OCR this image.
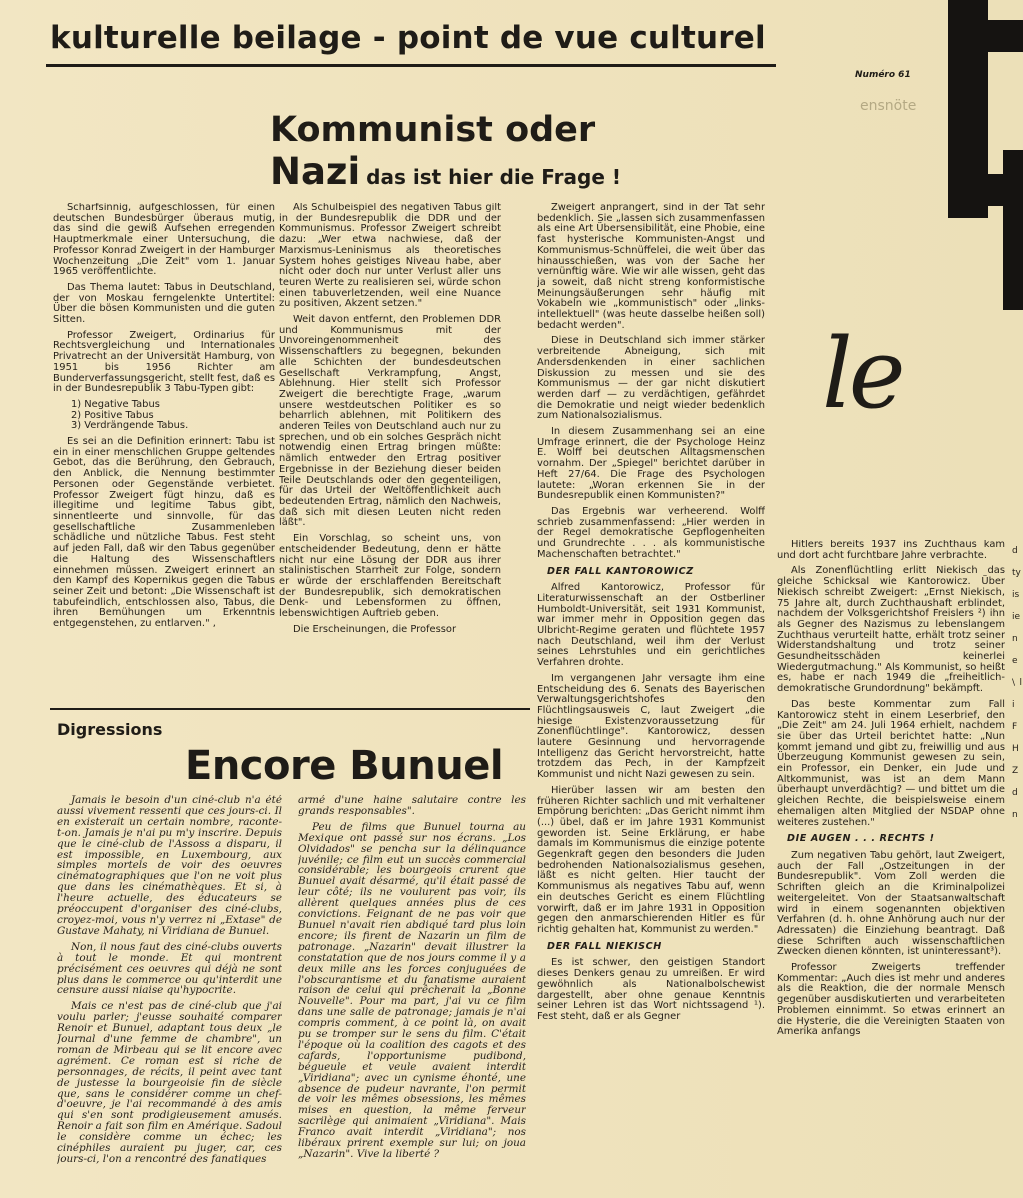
kulturelle beilage - point de vue culturel
Numéro 61
ensnöte
le
Kommunist oder
Nazi das ist hier die Frage !

Scharfsinnig, aufgeschlossen, für einen deutschen Bundesbürger überaus mutig, das sind die gewiß Aufsehen erregenden Hauptmerkmale einer Untersuchung, die Professor Konrad Zweigert in der Hamburger Wochenzeitung „Die Zeit" vom 1. Januar 1965 veröffentlichte.

Das Thema lautet: Tabus in Deutschland, der von Moskau ferngelenkte Untertitel: Über die bösen Kommunisten und die guten Sitten.

Professor Zweigert, Ordinarius für Rechtsvergleichung und Internationales Privatrecht an der Universität Hamburg, von 1951 bis 1956 Richter am Bunderverfassungsgericht, stellt fest, daß es in der Bundesrepublik 3 Tabu-Typen gibt:

1) Negative Tabus
2) Positive Tabus
3) Verdrängende Tabus.

Es sei an die Definition erinnert: Tabu ist ein in einer menschlichen Gruppe geltendes Gebot, das die Berührung, den Gebrauch, den Anblick, die Nennung bestimmter Personen oder Gegenstände verbietet. Professor Zweigert fügt hinzu, daß es illegitime und legitime Tabus gibt, sinnentleerte und sinnvolle, für das gesellschaftliche Zusammenleben schädliche und nützliche Tabus. Fest steht auf jeden Fall, daß wir den Tabus gegenüber die Haltung des Wissenschaftlers einnehmen müssen. Zweigert erinnert an den Kampf des Kopernikus gegen die Tabus seiner Zeit und betont: „Die Wissenschaft ist tabufeindlich, entschlossen also, Tabus, die ihren Bemühungen um Erkenntnis entgegenstehen, zu entlarven." ,

Als Schulbeispiel des negativen Tabus gilt in der Bundesrepublik die DDR und der Kommunismus. Professor Zweigert schreibt dazu: „Wer etwa nachwiese, daß der Marxismus-Leninismus als theoretisches System hohes geistiges Niveau habe, aber nicht oder doch nur unter Verlust aller uns teuren Werte zu realisieren sei, würde schon einen tabuverletzenden, weil eine Nuance zu positiven, Akzent setzen."

Weit davon entfernt, den Problemen DDR und Kommunismus mit der Unvoreingenommenheit des Wissenschaftlers zu begegnen, bekunden alle Schichten der bundesdeutschen Gesellschaft Verkrampfung, Angst, Ablehnung. Hier stellt sich Professor Zweigert die berechtigte Frage, „warum unsere westdeutschen Politiker es so beharrlich ablehnen, mit Politikern des anderen Teiles von Deutschland auch nur zu sprechen, und ob ein solches Gespräch nicht notwendig einen Ertrag bringen müßte: nämlich entweder den Ertrag positiver Ergebnisse in der Beziehung dieser beiden Teile Deutschlands oder den gegenteiligen, für das Urteil der Weltöffentlichkeit auch bedeutenden Ertrag, nämlich den Nachweis, daß sich mit diesen Leuten nicht reden läßt".

Ein Vorschlag, so scheint uns, von entscheidender Bedeutung, denn er hätte nicht nur eine Lösung der DDR aus ihrer stalinistischen Starrheit zur Folge, sondern er würde der erschlaffenden Bereitschaft der Bundesrepublik, sich demokratischen Denk- und Lebensformen zu öffnen, lebenswichtigen Auftrieb geben.

Die Erscheinungen, die Professor

Zweigert anprangert, sind in der Tat sehr bedenklich. Sie „lassen sich zusammenfassen als eine Art Übersensibilität, eine Phobie, eine fast hysterische Kommunisten-Angst und Kommunismus-Schnüffelei, die weit über das hinausschießen, was von der Sache her vernünftig wäre. Wie wir alle wissen, geht das ja soweit, daß nicht streng konformistische Meinungsäußerungen sehr häufig mit Vokabeln wie „kommunistisch" oder „links-intellektuell" (was heute dasselbe heißen soll) bedacht werden".

Diese in Deutschland sich immer stärker verbreitende Abneigung, sich mit Andersdenkenden in einer sachlichen Diskussion zu messen und sie des Kommunismus — der gar nicht diskutiert werden darf — zu verdächtigen, gefährdet die Demokratie und neigt wieder bedenklich zum Nationalsozialismus.

In diesem Zusammenhang sei an eine Umfrage erinnert, die der Psychologe Heinz E. Wolff bei deutschen Alltagsmenschen vornahm. Der „Spiegel" berichtet darüber in Heft 27/64. Die Frage des Psychologen lautete: „Woran erkennen Sie in der Bundesrepublik einen Kommunisten?"

Das Ergebnis war verheerend. Wolff schrieb zusammenfassend: „Hier werden in der Regel demokratische Gepflogenheiten und Grundrechte . . . als kommunistische Machenschaften betrachtet."

DER FALL KANTOROWICZ

Alfred Kantorowicz, Professor für Literaturwissenschaft an der Ostberliner Humboldt-Universität, seit 1931 Kommunist, war immer mehr in Opposition gegen das Ulbricht-Regime geraten und flüchtete 1957 nach Deutschland, weil ihm der Verlust seines Lehrstuhles und ein gerichtliches Verfahren drohte.

Im vergangenen Jahr versagte ihm eine Entscheidung des 6. Senats des Bayerischen Verwaltungsgerichtshofes den Flüchtlingsausweis C, laut Zweigert „die hiesige Existenzvoraussetzung für Zonenflüchtlinge". Kantorowicz, dessen lautere Gesinnung und hervorragende Intelligenz das Gericht hervorstreicht, hatte trotzdem das Pech, in der Kampfzeit Kommunist und nicht Nazi gewesen zu sein.

Hierüber lassen wir am besten den früheren Richter sachlich und mit verhaltener Empörung berichten: „Das Gericht nimmt ihm (...) übel, daß er im Jahre 1931 Kommunist geworden ist. Seine Erklärung, er habe damals im Kommunismus die einzige potente Gegenkraft gegen den besonders die Juden bedrohenden Nationalsozialismus gesehen, läßt es nicht gelten. Hier taucht der Kommunismus als negatives Tabu auf, wenn ein deutsches Gericht es einem Flüchtling vorwirft, daß er im Jahre 1931 in Opposition gegen den anmarschierenden Hitler es für richtig gehalten hat, Kommunist zu werden."

DER FALL NIEKISCH

Es ist schwer, den geistigen Standort dieses Denkers genau zu umreißen. Er wird gewöhnlich als Nationalbolschewist dargestellt, aber ohne genaue Kenntnis seiner Lehren ist das Wort nichtssagend ¹). Fest steht, daß er als Gegner

Hitlers bereits 1937 ins Zuchthaus kam und dort acht furchtbare Jahre verbrachte.

Als Zonenflüchtling erlitt Niekisch das gleiche Schicksal wie Kantorowicz. Über Niekisch schreibt Zweigert: „Ernst Niekisch, 75 Jahre alt, durch Zuchthaushaft erblindet, nachdem der Volksgerichtshof Freislers ²) ihn als Gegner des Nazismus zu lebenslangem Zuchthaus verurteilt hatte, erhält trotz seiner Widerstandshaltung und trotz seiner Gesundheitsschäden keinerlei Wiedergutmachung." Als Kommunist, so heißt es, habe er nach 1949 die „freiheitlich-demokratische Grundordnung" bekämpft.

Das beste Kommentar zum Fall Kantorowicz steht in einem Leserbrief, den „Die Zeit" am 24. Juli 1964 erhielt, nachdem sie über das Urteil berichtet hatte: „Nun kommt jemand und gibt zu, freiwillig und aus Überzeugung Kommunist gewesen zu sein, ein Professor, ein Denker, ein Jude und Altkommunist, was ist an dem Mann überhaupt unverdächtig? — und bittet um die gleichen Rechte, die beispielsweise einem ehemaligen alten Mitglied der NSDAP ohne weiteres zustehen."

DIE AUGEN . . . RECHTS !

Zum negativen Tabu gehört, laut Zweigert, auch der Fall „Ostzeitungen in der Bundesrepublik". Vom Zoll werden die Schriften gleich an die Kriminalpolizei weitergeleitet. Von der Staatsanwaltschaft wird in einem sogenannten objektiven Verfahren (d. h. ohne Anhörung auch nur der Adressaten) die Einziehung beantragt. Daß diese Schriften auch wissenschaftlichen Zwecken dienen könnten, ist uninteressant³).

Professor Zweigerts treffender Kommentar: „Auch dies ist mehr und anderes als die Reaktion, die der normale Mensch gegenüber ausdiskutierten und verarbeiteten Problemen einnimmt. So etwas erinnert an die Hysterie, die die Vereinigten Staaten von Amerika anfangs

d ty is ie n e \ li F H Z d n
Digressions
Encore Bunuel

Jamais le besoin d'un ciné-club n'a été aussi vivement ressenti que ces jours-ci. Il en existerait un certain nombre, raconte-t-on. Jamais je n'ai pu m'y inscrire. Depuis que le ciné-club de l'Assoss a disparu, il est impossible, en Luxembourg, aux simples mortels de voir des oeuvres cinématographiques que l'on ne voit plus que dans les cinémathèques. Et si, à l'heure actuelle, des éducateurs se préoccupent d'organiser des ciné-clubs, croyez-moi, vous n'y verrez ni „Extase" de Gustave Mahaty, ni Viridiana de Bunuel.

Non, il nous faut des ciné-clubs ouverts à tout le monde. Et qui montrent précisément ces oeuvres qui déjà ne sont plus dans le commerce ou qu'interdit une censure aussi niaise qu'hypocrite.

Mais ce n'est pas de ciné-club que j'ai voulu parler; j'eusse souhaité comparer Renoir et Bunuel, adaptant tous deux „le Journal d'une femme de chambre", un roman de Mirbeau qui se lit encore avec agrément. Ce roman est si riche de personnages, de récits, il peint avec tant de justesse la bourgeoisie fin de siècle que, sans le considérer comme un chef-d'oeuvre, je l'ai recommandé à des amis qui s'en sont prodigieusement amusés. Renoir a fait son film en Amérique. Sadoul le considère comme un échec; les cinéphiles auraient pu juger, car, ces jours-ci, l'on a rencontré des fanatiques

armé d'une haine salutaire contre les grands responsables".

Peu de films que Bunuel tourna au Mexique ont passé sur nos écrans. „Los Olvidados" se pencha sur la délinquance juvénile; ce film eut un succès commercial considérable; les bourgeois crurent que Bunuel avait désarmé, qu'il était passé de leur côté; ils ne voulurent pas voir, ils allèrent quelques années plus de ces convictions. Feignant de ne pas voir que Bunuel n'avait rien abdiqué tard plus loin encore; ils firent de Nazarin un film de patronage. „Nazarin" devait illustrer la constatation que de nos jours comme il y a deux mille ans les forces conjuguées de l'obscurantisme et du fanatisme auraient raison de celui qui prêcherait la „Bonne Nouvelle". Pour ma part, j'ai vu ce film dans une salle de patronage; jamais je n'ai compris comment, à ce point là, on avait pu se tromper sur le sens du film. C'était l'époque où la coalition des cagots et des cafards, l'opportunisme pudibond, bégueule et veule avaient interdit „Viridiana"; avec un cynisme éhonté, une absence de pudeur navrante, l'on permit de voir les mêmes obsessions, les mêmes mises en question, la même ferveur sacrilège qui animaient „Viridiana". Mais Franco avait interdit „Viridiana"; nos libéraux prirent exemple sur lui; on joua „Nazarin". Vive la liberté ?
